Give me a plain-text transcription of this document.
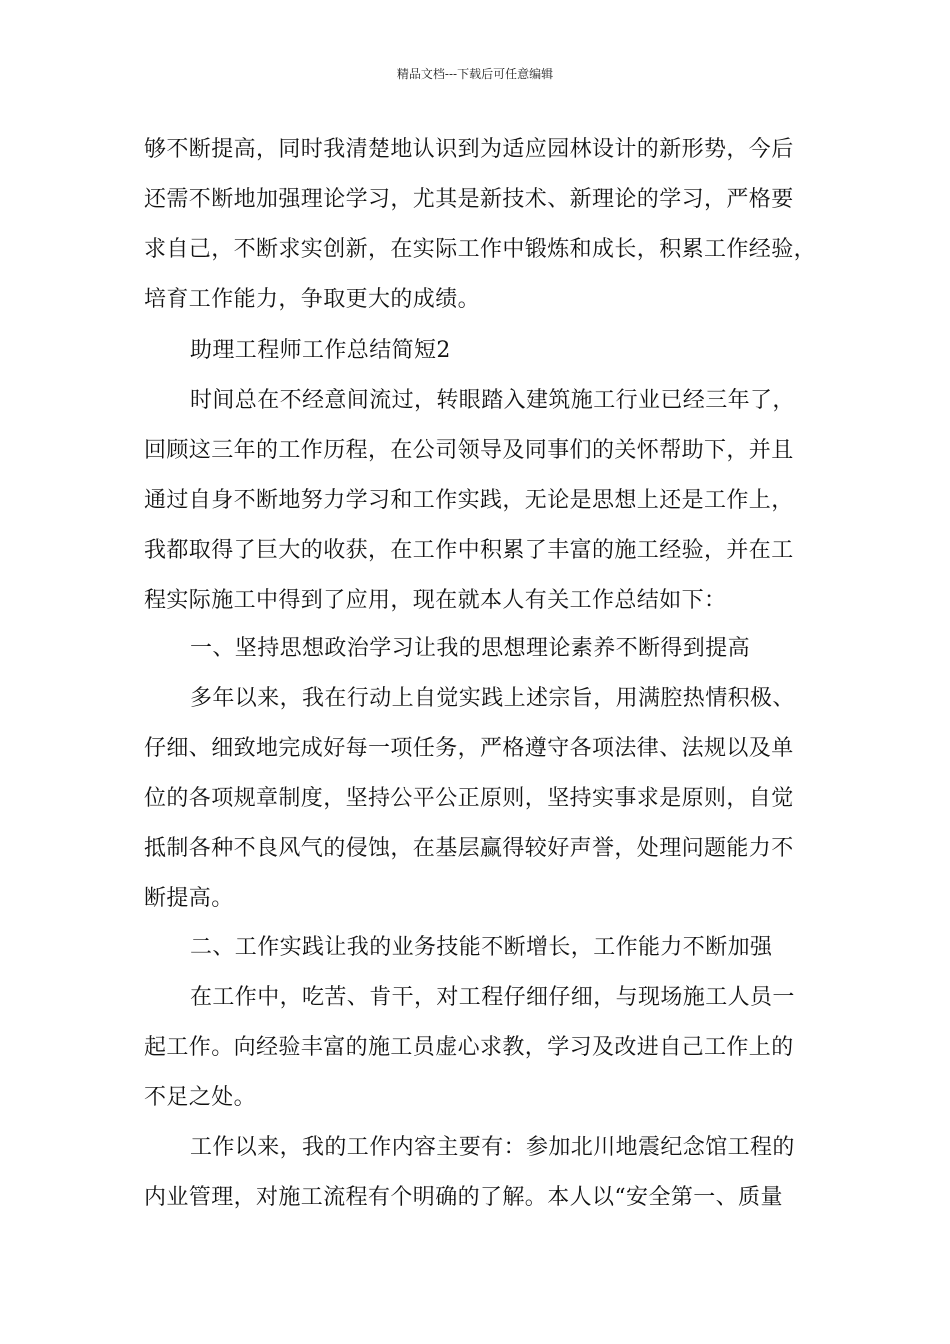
精品文档---下载后可任意编辑
够不断提高，同时我清楚地认识到为适应园林设计的新形势，今后
还需不断地加强理论学习，尤其是新技术、新理论的学习，严格要
求自己，不断求实创新，在实际工作中锻炼和成长，积累工作经验，
培育工作能力，争取更大的成绩。
助理工程师工作总结简短2
时间总在不经意间流过，转眼踏入建筑施工行业已经三年了，
回顾这三年的工作历程，在公司领导及同事们的关怀帮助下，并且
通过自身不断地努力学习和工作实践，无论是思想上还是工作上，
我都取得了巨大的收获，在工作中积累了丰富的施工经验，并在工
程实际施工中得到了应用，现在就本人有关工作总结如下：
一、坚持思想政治学习让我的思想理论素养不断得到提高
多年以来，我在行动上自觉实践上述宗旨，用满腔热情积极、
仔细、细致地完成好每一项任务，严格遵守各项法律、法规以及单
位的各项规章制度，坚持公平公正原则，坚持实事求是原则，自觉
抵制各种不良风气的侵蚀，在基层赢得较好声誉，处理问题能力不
断提高。
二、工作实践让我的业务技能不断增长，工作能力不断加强
在工作中，吃苦、肯干，对工程仔细仔细，与现场施工人员一
起工作。向经验丰富的施工员虚心求教，学习及改进自己工作上的
不足之处。
工作以来，我的工作内容主要有：参加北川地震纪念馆工程的
内业管理，对施工流程有个明确的了解。本人以“安全第一、质量
